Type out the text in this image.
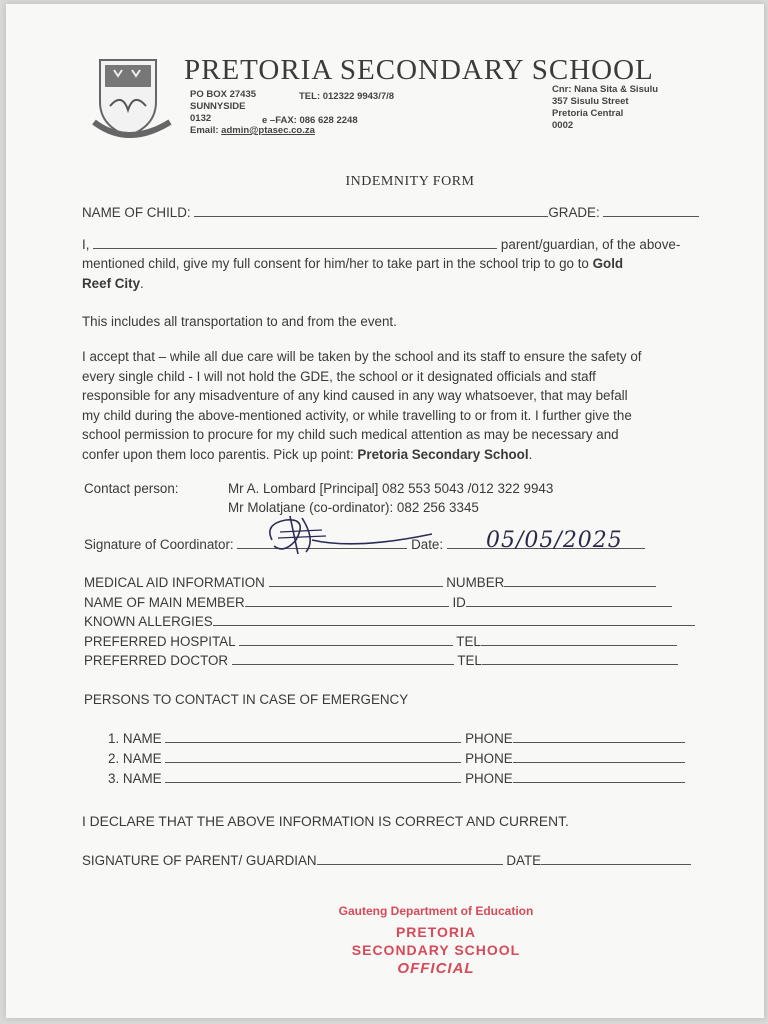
PRETORIA SECONDARY SCHOOL
PO BOX 27435
SUNNYSIDE
0132
Email: admin@ptasec.co.za
TEL: 012322 9943/7/8
e –FAX: 086 628 2248
Cnr: Nana Sita & Sisulu
357 Sisulu Street
Pretoria Central
0002
INDEMNITY FORM
NAME OF CHILD:	GRADE:
I,	parent/guardian, of the above-
mentioned child, give my full consent for him/her to take part in the school trip to go to Gold
Reef City.
This includes all transportation to and from the event.
I accept that – while all due care will be taken by the school and its staff to ensure the safety of
every single child - I will not hold the GDE, the school or it designated officials and staff
responsible for any misadventure of any kind caused in any way whatsoever, that may befall
my child during the above-mentioned activity, or while travelling to or from it. I further give the
school permission to procure for my child such medical attention as may be necessary and
confer upon them loco parentis. Pick up point: Pretoria Secondary School.
Contact person:	Mr A. Lombard [Principal] 082 553 5043 /012 322 9943
Mr Molatjane (co-ordinator): 082 256 3345
Signature of Coordinator:	Date:	05/05/2025
MEDICAL AID INFORMATION	NUMBER
NAME OF MAIN MEMBER	ID
KNOWN ALLERGIES
PREFERRED HOSPITAL	TEL
PREFERRED DOCTOR	TEL
PERSONS TO CONTACT IN CASE OF EMERGENCY
1. NAME	PHONE
2. NAME	PHONE
3. NAME	PHONE
I DECLARE THAT THE ABOVE INFORMATION IS CORRECT AND CURRENT.
SIGNATURE OF PARENT/ GUARDIAN	DATE
Gauteng Department of Education
PRETORIA
SECONDARY SCHOOL
OFFICIAL
